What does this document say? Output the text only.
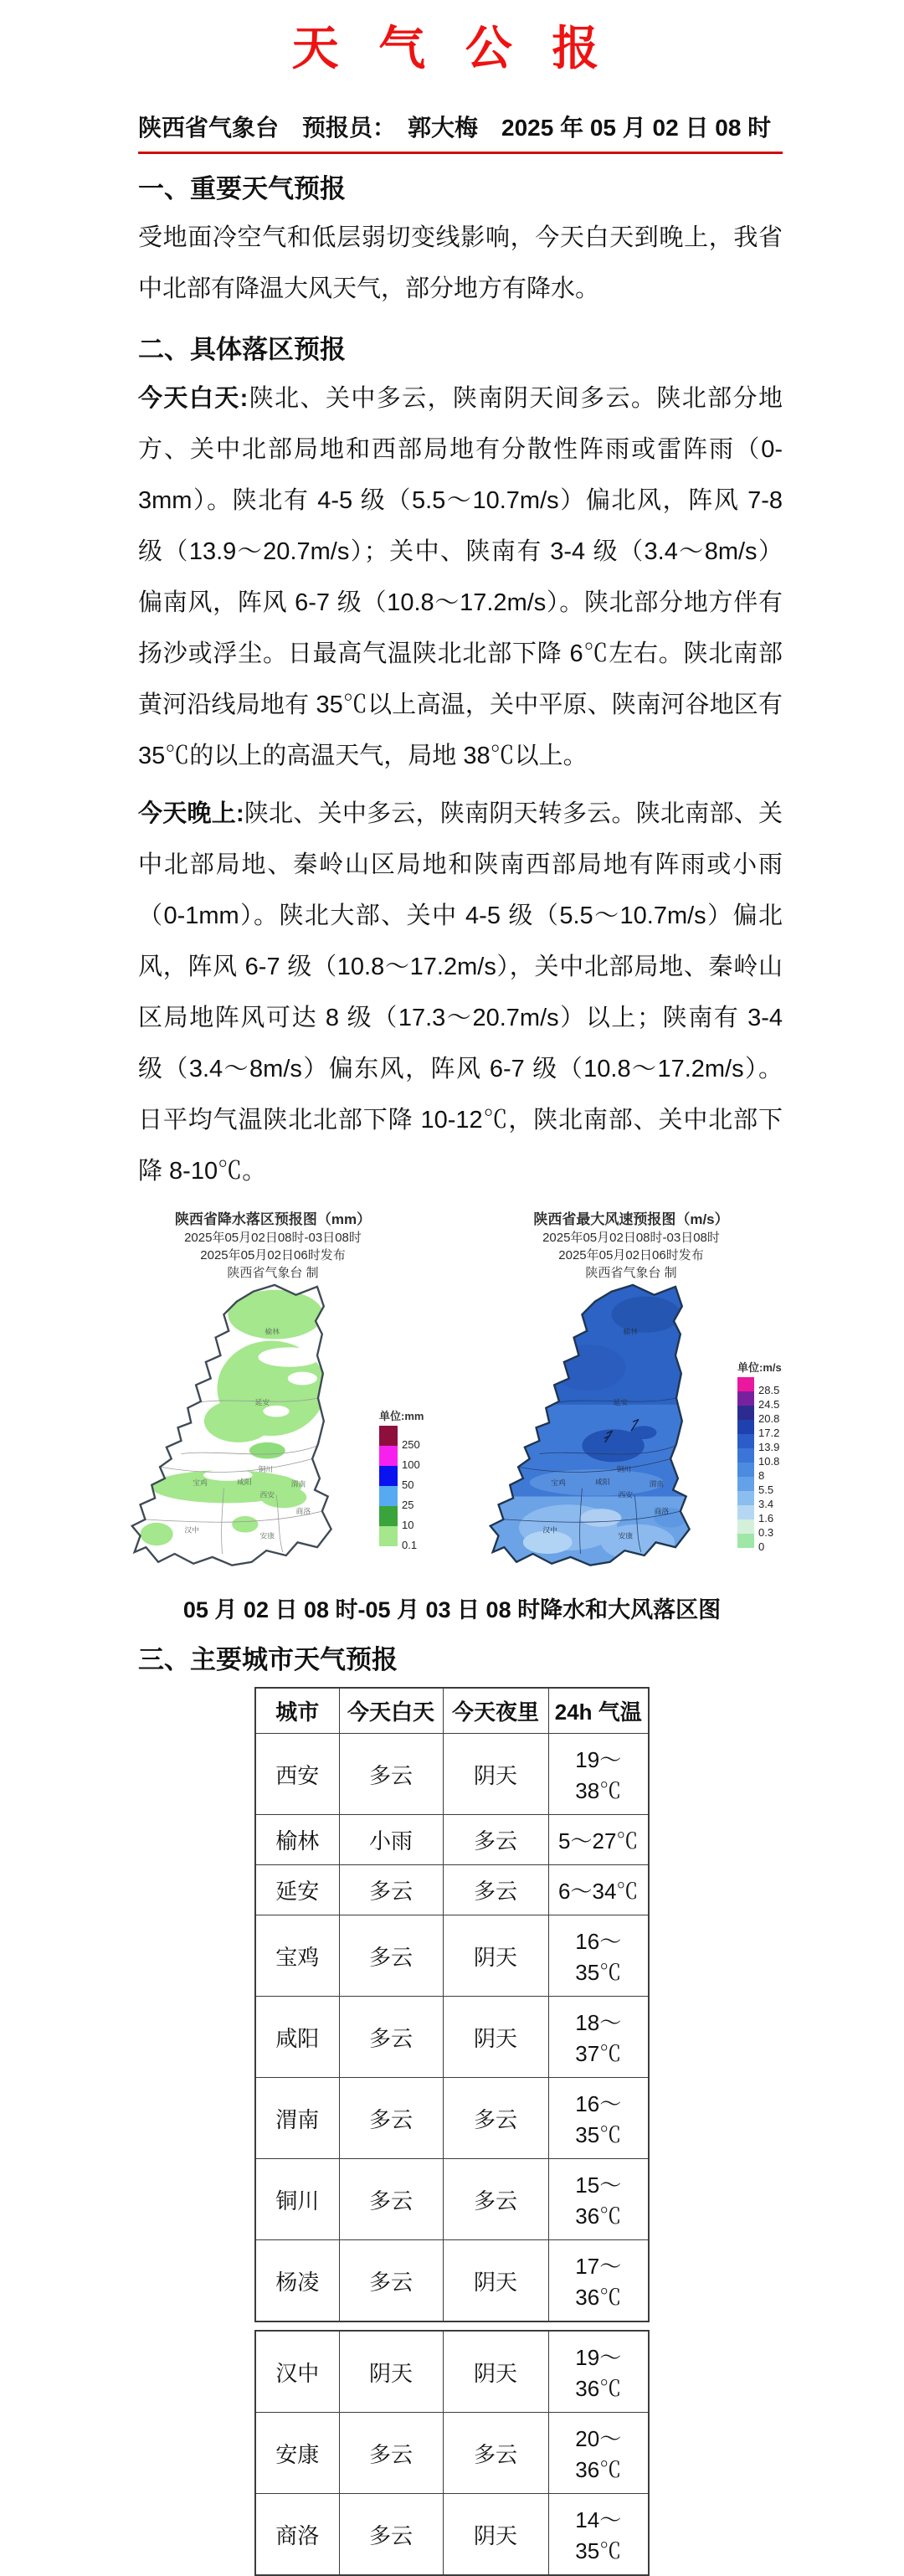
天 气 公 报
陕西省气象台　预报员：　郭大梅　2025 年 05 月 02 日 08 时
一、重要天气预报

受地面冷空气和低层弱切变线影响，今天白天到晚上，我省中北部有降温大风天气，部分地方有降水。

二、具体落区预报

今天白天:陕北、关中多云，陕南阴天间多云。陕北部分地方、关中北部局地和西部局地有分散性阵雨或雷阵雨（0-3mm）。陕北有 4-5 级（5.5～10.7m/s）偏北风，阵风 7-8 级（13.9～20.7m/s）；关中、陕南有 3-4 级（3.4～8m/s）偏南风，阵风 6-7 级（10.8～17.2m/s）。陕北部分地方伴有扬沙或浮尘。日最高气温陕北北部下降 6℃左右。陕北南部黄河沿线局地有 35℃以上高温，关中平原、陕南河谷地区有 35℃的以上的高温天气，局地 38℃以上。

今天晚上:陕北、关中多云，陕南阴天转多云。陕北南部、关中北部局地、秦岭山区局地和陕南西部局地有阵雨或小雨（0-1mm）。陕北大部、关中 4-5 级（5.5～10.7m/s）偏北风，阵风 6-7 级（10.8～17.2m/s），关中北部局地、秦岭山区局地阵风可达 8 级（17.3～20.7m/s）以上；陕南有 3-4 级（3.4～8m/s）偏东风，阵风 6-7 级（10.8～17.2m/s）。日平均气温陕北北部下降 10-12℃，陕北南部、关中北部下降 8-10℃。

陕西省降水落区预报图（mm）
2025年05月02日08时-03日08时
2025年05月02日06时发布
陕西省气象台 制
榆林
延安
铜川
渭南
咸阳
西安
宝鸡
汉中
安康
商洛
单位:mm
250
100
50
25
10
0.1
陕西省最大风速预报图（m/s）
2025年05月02日08时-03日08时
2025年05月02日06时发布
陕西省气象台 制
榆林
延安
铜川
渭南
咸阳
西安
宝鸡
汉中
安康
商洛
单位:m/s
28.5
24.5
20.8
17.2
13.9
10.8
8
5.5
3.4
1.6
0.3
0
05 月 02 日 08 时-05 月 03 日 08 时降水和大风落区图
三、主要城市天气预报
城市	今天白天	今天夜里	24h 气温
西安	多云	阴天	19～38℃
榆林	小雨	多云	5～27℃
延安	多云	多云	6～34℃
宝鸡	多云	阴天	16～35℃
咸阳	多云	阴天	18～37℃
渭南	多云	多云	16～35℃
铜川	多云	多云	15～36℃
杨凌	多云	阴天	17～36℃
汉中	阴天	阴天	19～36℃
安康	多云	多云	20～36℃
商洛	多云	阴天	14～35℃
